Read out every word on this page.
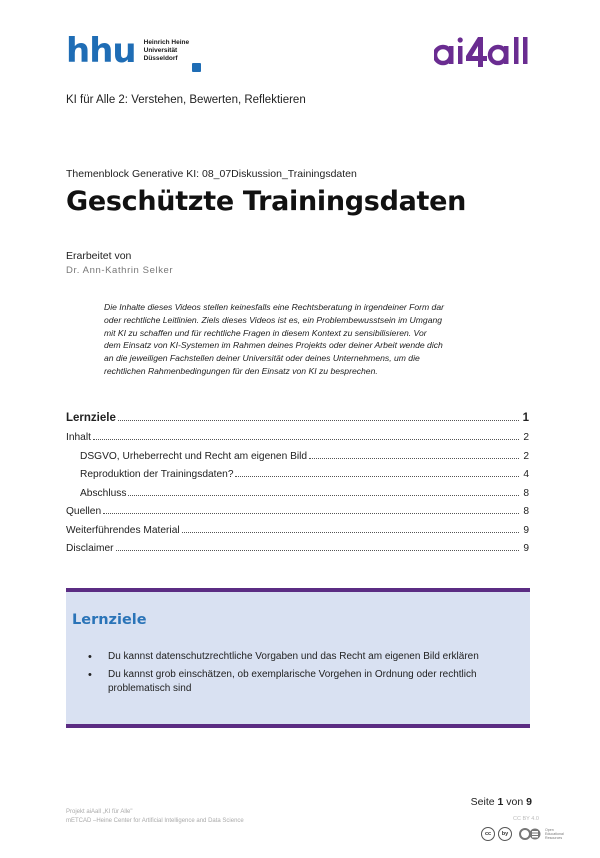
hhu Heinrich Heine
Universität
Düsseldorf
KI für Alle 2: Verstehen, Bewerten, Reflektieren
Themenblock Generative KI: 08_07Diskussion_Trainingsdaten
Geschützte Trainingsdaten
Erarbeitet von
Dr. Ann-Kathrin Selker
Die Inhalte dieses Videos stellen keinesfalls eine Rechtsberatung in irgendeiner Form dar
oder rechtliche Leitlinien. Ziels dieses Videos ist es, ein Problembewusstsein im Umgang
mit KI zu schaffen und für rechtliche Fragen in diesem Kontext zu sensibilisieren. Vor
dem Einsatz von KI-Systemen im Rahmen deines Projekts oder deiner Arbeit wende dich
an die jeweiligen Fachstellen deiner Universität oder deines Unternehmens, um die
rechtlichen Rahmenbedingungen für den Einsatz von KI zu besprechen.
Lernziele	1
Inhalt	2
DSGVO, Urheberrecht und Recht am eigenen Bild	2
Reproduktion der Trainingsdaten?	4
Abschluss	8
Quellen	8
Weiterführendes Material	9
Disclaimer	9
Lernziele
• Du kannst datenschutzrechtliche Vorgaben und das Recht am eigenen Bild erklären
• Du kannst grob einschätzen, ob exemplarische Vorgehen in Ordnung oder rechtlich problematisch sind
Seite 1 von 9
Projekt aiAall „KI für Alle"
mETCAD –Heine Center for Artificial Intelligence and Data Science	CC BY 4.0
cc	by
Open
Educational
Resources
